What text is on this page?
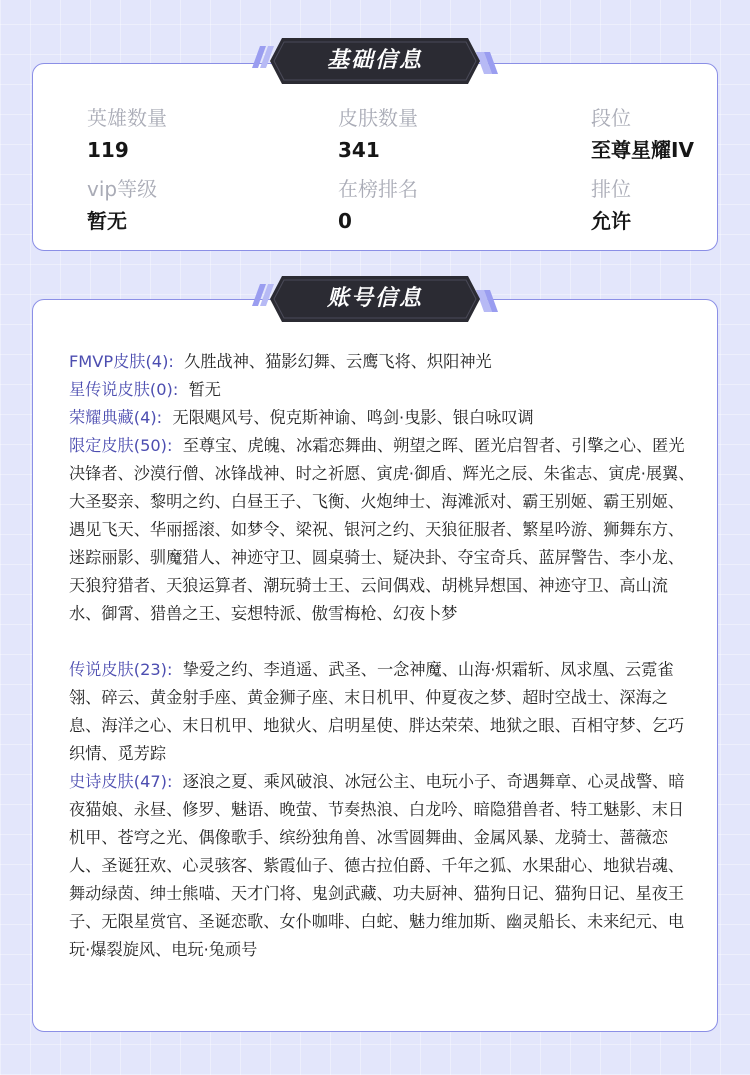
英雄数量
119
皮肤数量
341
段位
至尊星耀IV
vip等级
暂无
在榜排名
0
排位
允许
基础信息
FMVP皮肤(4): 久胜战神、猫影幻舞、云鹰飞将、炽阳神光
星传说皮肤(0): 暂无
荣耀典藏(4): 无限飓风号、倪克斯神谕、鸣剑·曳影、银白咏叹调
限定皮肤(50): 至尊宝、虎魄、冰霜恋舞曲、朔望之晖、匿光启智者、引擎之心、匿光决锋者、沙漠行僧、冰锋战神、时之祈愿、寅虎·御盾、辉光之辰、朱雀志、寅虎·展翼、大圣娶亲、黎明之约、白昼王子、飞衡、火炮绅士、海滩派对、霸王别姬、霸王别姬、遇见飞天、华丽摇滚、如梦令、梁祝、银河之约、天狼征服者、繁星吟游、狮舞东方、迷踪丽影、驯魔猎人、神迹守卫、圆桌骑士、疑决卦、夺宝奇兵、蓝屏警告、李小龙、天狼狩猎者、天狼运算者、潮玩骑士王、云间偶戏、胡桃异想国、神迹守卫、高山流水、御霄、猎兽之王、妄想特派、傲雪梅枪、幻夜卜梦
传说皮肤(23): 挚爱之约、李逍遥、武圣、一念神魔、山海·炽霜斩、凤求凰、云霓雀翎、碎云、黄金射手座、黄金狮子座、末日机甲、仲夏夜之梦、超时空战士、深海之息、海洋之心、末日机甲、地狱火、启明星使、胖达荣荣、地狱之眼、百相守梦、乞巧织情、觅芳踪
史诗皮肤(47): 逐浪之夏、乘风破浪、冰冠公主、电玩小子、奇遇舞章、心灵战警、暗夜猫娘、永昼、修罗、魅语、晚萤、节奏热浪、白龙吟、暗隐猎兽者、特工魅影、末日机甲、苍穹之光、偶像歌手、缤纷独角兽、冰雪圆舞曲、金属风暴、龙骑士、蔷薇恋人、圣诞狂欢、心灵骇客、紫霞仙子、德古拉伯爵、千年之狐、水果甜心、地狱岩魂、舞动绿茵、绅士熊喵、天才门将、鬼剑武藏、功夫厨神、猫狗日记、猫狗日记、星夜王子、无限星赏官、圣诞恋歌、女仆咖啡、白蛇、魅力维加斯、幽灵船长、未来纪元、电玩·爆裂旋风、电玩·兔顽号
账号信息
